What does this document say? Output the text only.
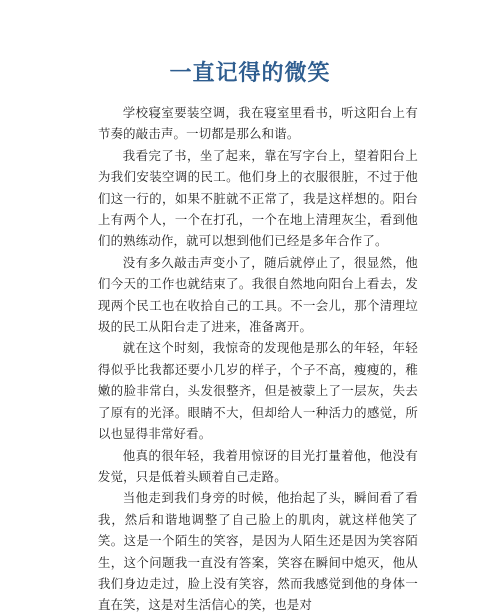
一直记得的微笑

学校寝室要装空调，我在寝室里看书，听这阳台上有节奏的敲击声。一切都是那么和谐。

我看完了书，坐了起来，靠在写字台上，望着阳台上为我们安装空调的民工。他们身上的衣服很脏，不过于他们这一行的，如果不脏就不正常了，我是这样想的。阳台上有两个人，一个在打孔，一个在地上清理灰尘，看到他们的熟练动作，就可以想到他们已经是多年合作了。

没有多久敲击声变小了，随后就停止了，很显然，他们今天的工作也就结束了。我很自然地向阳台上看去，发现两个民工也在收拾自己的工具。不一会儿，那个清理垃圾的民工从阳台走了进来，准备离开。

就在这个时刻，我惊奇的发现他是那么的年轻，年轻得似乎比我都还要小几岁的样子，个子不高，瘦瘦的，稚嫩的脸非常白，头发很整齐，但是被蒙上了一层灰，失去了原有的光泽。眼睛不大，但却给人一种活力的感觉，所以也显得非常好看。

他真的很年轻，我着用惊讶的目光打量着他，他没有发觉，只是低着头顾着自己走路。

当他走到我们身旁的时候，他抬起了头，瞬间看了看我，然后和谐地调整了自己脸上的肌肉，就这样他笑了笑。这是一个陌生的笑容，是因为人陌生还是因为笑容陌生，这个问题我一直没有答案，笑容在瞬间中熄灭，他从我们身边走过，脸上没有笑容，然而我感觉到他的身体一直在笑，这是对生活信心的笑，也是对
